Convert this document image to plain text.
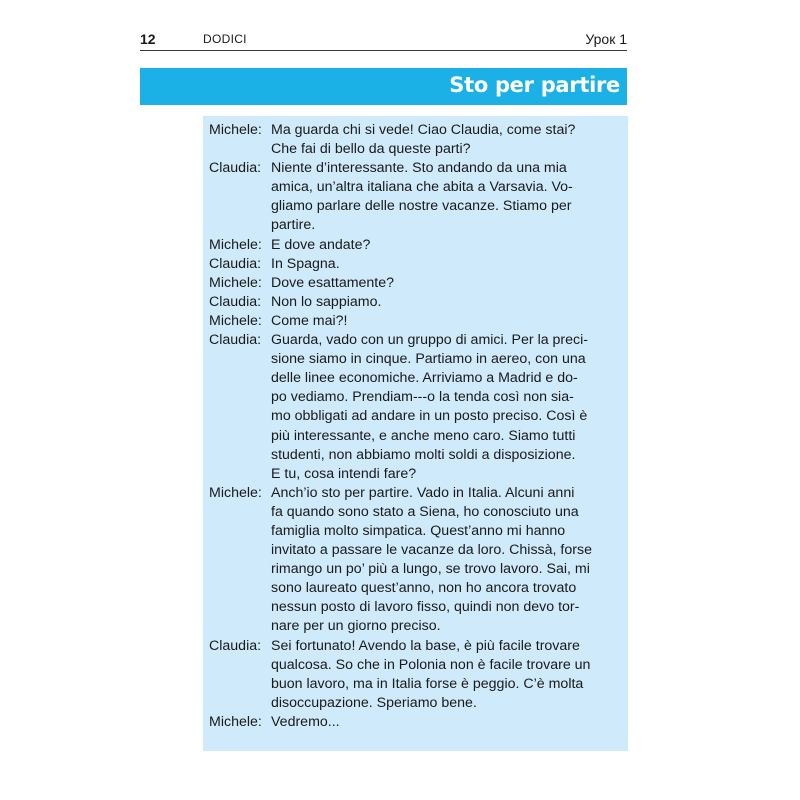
12	DODICI	Урок 1
Sto per partire
Michele: Ma guarda chi si vede! Ciao Claudia, come stai?
Che fai di bello da queste parti?
Claudia: Niente d’interessante. Sto andando da una mia
amica, un’altra italiana che abita a Varsavia. Vo-
gliamo parlare delle nostre vacanze. Stiamo per
partire.
Michele: E dove andate?
Claudia: In Spagna.
Michele: Dove esattamente?
Claudia: Non lo sappiamo.
Michele: Come mai?!
Claudia: Guarda, vado con un gruppo di amici. Per la preci-
sione siamo in cinque. Partiamo in aereo, con una
delle linee economiche. Arriviamo a Madrid e do-
po vediamo. Prendiam---o la tenda così non sia-
mo obbligati ad andare in un posto preciso. Così è
più interessante, e anche meno caro. Siamo tutti
studenti, non abbiamo molti soldi a disposizione.
E tu, cosa intendi fare?
Michele: Anch’io sto per partire. Vado in Italia. Alcuni anni
fa quando sono stato a Siena, ho conosciuto una
famiglia molto simpatica. Quest’anno mi hanno
invitato a passare le vacanze da loro. Chissà, forse
rimango un po’ più a lungo, se trovo lavoro. Sai, mi
sono laureato quest’anno, non ho ancora trovato
nessun posto di lavoro fisso, quindi non devo tor-
nare per un giorno preciso.
Claudia: Sei fortunato! Avendo la base, è più facile trovare
qualcosa. So che in Polonia non è facile trovare un
buon lavoro, ma in Italia forse è peggio. C’è molta
disoccupazione. Speriamo bene.
Michele: Vedremo...
